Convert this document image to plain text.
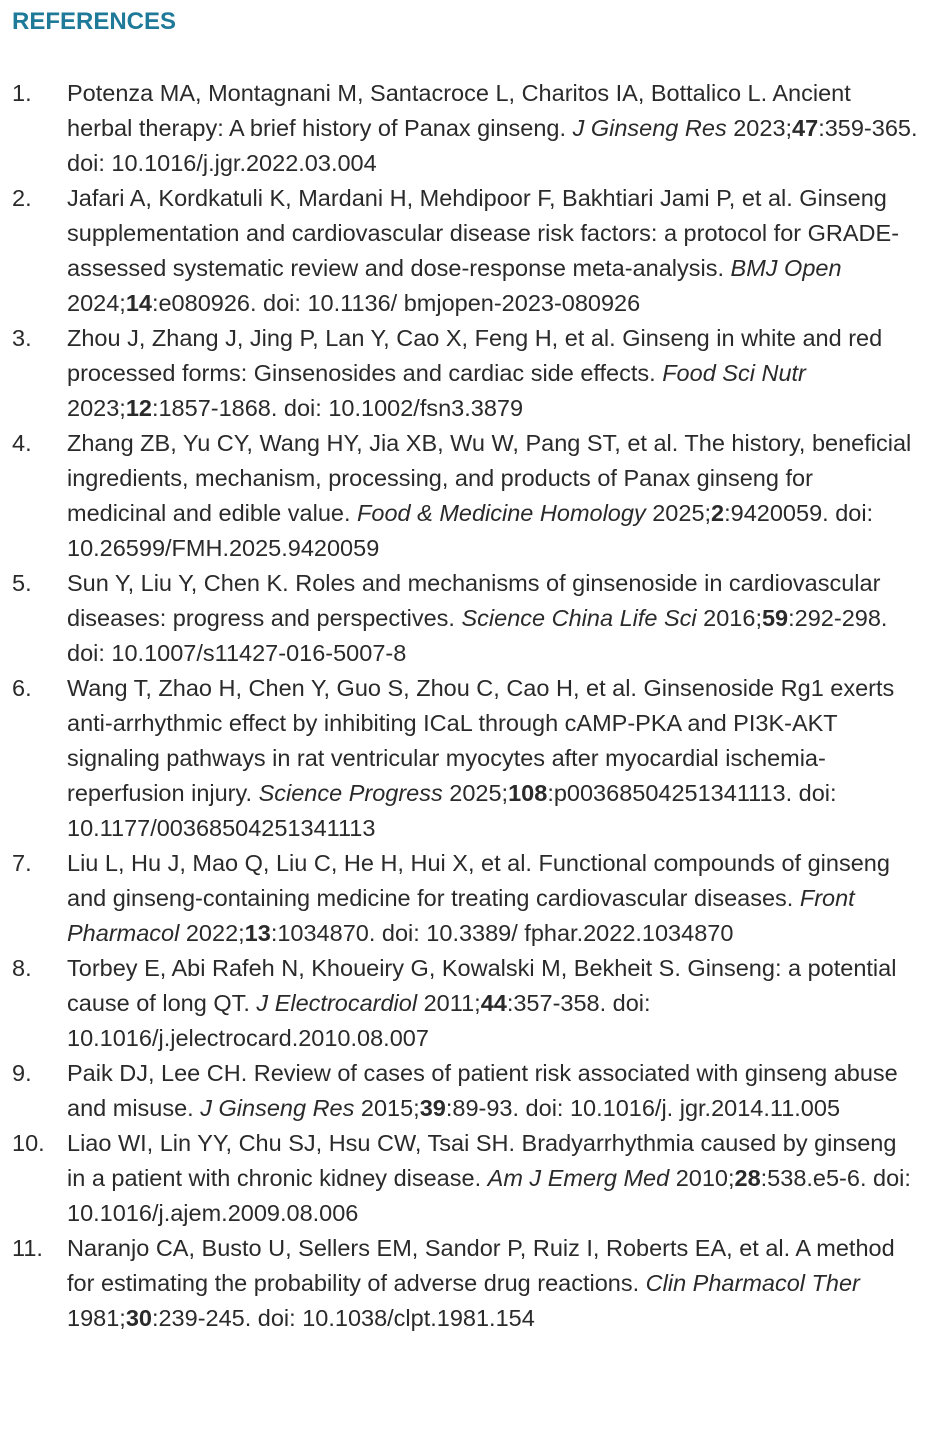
REFERENCES
1.	Potenza MA, Montagnani M, Santacroce L, Charitos IA, Bottalico L. Ancient herbal therapy: A brief history of Panax ginseng. J Ginseng Res 2023;47:359-365. doi: 10.1016/j.jgr.2022.03.004
2.	Jafari A, Kordkatuli K, Mardani H, Mehdipoor F, Bakhtiari Jami P, et al. Ginseng supplementation and cardiovascular disease risk factors: a protocol for GRADE-assessed systematic review and dose-response meta-analysis. BMJ Open 2024;14:e080926. doi: 10.1136/ bmjopen-2023-080926
3.	Zhou J, Zhang J, Jing P, Lan Y, Cao X, Feng H, et al. Ginseng in white and red processed forms: Ginsenosides and cardiac side effects. Food Sci Nutr 2023;12:1857-1868. doi: 10.1002/fsn3.3879
4.	Zhang ZB, Yu CY, Wang HY, Jia XB, Wu W, Pang ST, et al. The history, beneficial ingredients, mechanism, processing, and products of Panax ginseng for medicinal and edible value. Food & Medicine Homology 2025;2:9420059. doi: 10.26599/FMH.2025.9420059
5.	Sun Y, Liu Y, Chen K. Roles and mechanisms of ginsenoside in cardiovascular diseases: progress and perspectives. Science China Life Sci 2016;59:292-298. doi: 10.1007/s11427-016-5007-8
6.	Wang T, Zhao H, Chen Y, Guo S, Zhou C, Cao H, et al. Ginsenoside Rg1 exerts anti-arrhythmic effect by inhibiting ICaL through cAMP-PKA and PI3K-AKT signaling pathways in rat ventricular myocytes after myocardial ischemia-reperfusion injury. Science Progress 2025;108:p00368504251341113. doi: 10.1177/00368504251341113
7.	Liu L, Hu J, Mao Q, Liu C, He H, Hui X, et al. Functional compounds of ginseng and ginseng-containing medicine for treating cardiovascular diseases. Front Pharmacol 2022;13:1034870. doi: 10.3389/ fphar.2022.1034870
8.	Torbey E, Abi Rafeh N, Khoueiry G, Kowalski M, Bekheit S. Ginseng: a potential cause of long QT. J Electrocardiol 2011;44:357-358. doi: 10.1016/j.jelectrocard.2010.08.007
9.	Paik DJ, Lee CH. Review of cases of patient risk associated with ginseng abuse and misuse. J Ginseng Res 2015;39:89-93. doi: 10.1016/j. jgr.2014.11.005
10. Liao WI, Lin YY, Chu SJ, Hsu CW, Tsai SH. Bradyarrhythmia caused by ginseng in a patient with chronic kidney disease. Am J Emerg Med 2010;28:538.e5-6. doi: 10.1016/j.ajem.2009.08.006
11.	Naranjo CA, Busto U, Sellers EM, Sandor P, Ruiz I, Roberts EA, et al. A method for estimating the probability of adverse drug reactions. Clin Pharmacol Ther 1981;30:239-245. doi: 10.1038/clpt.1981.154
